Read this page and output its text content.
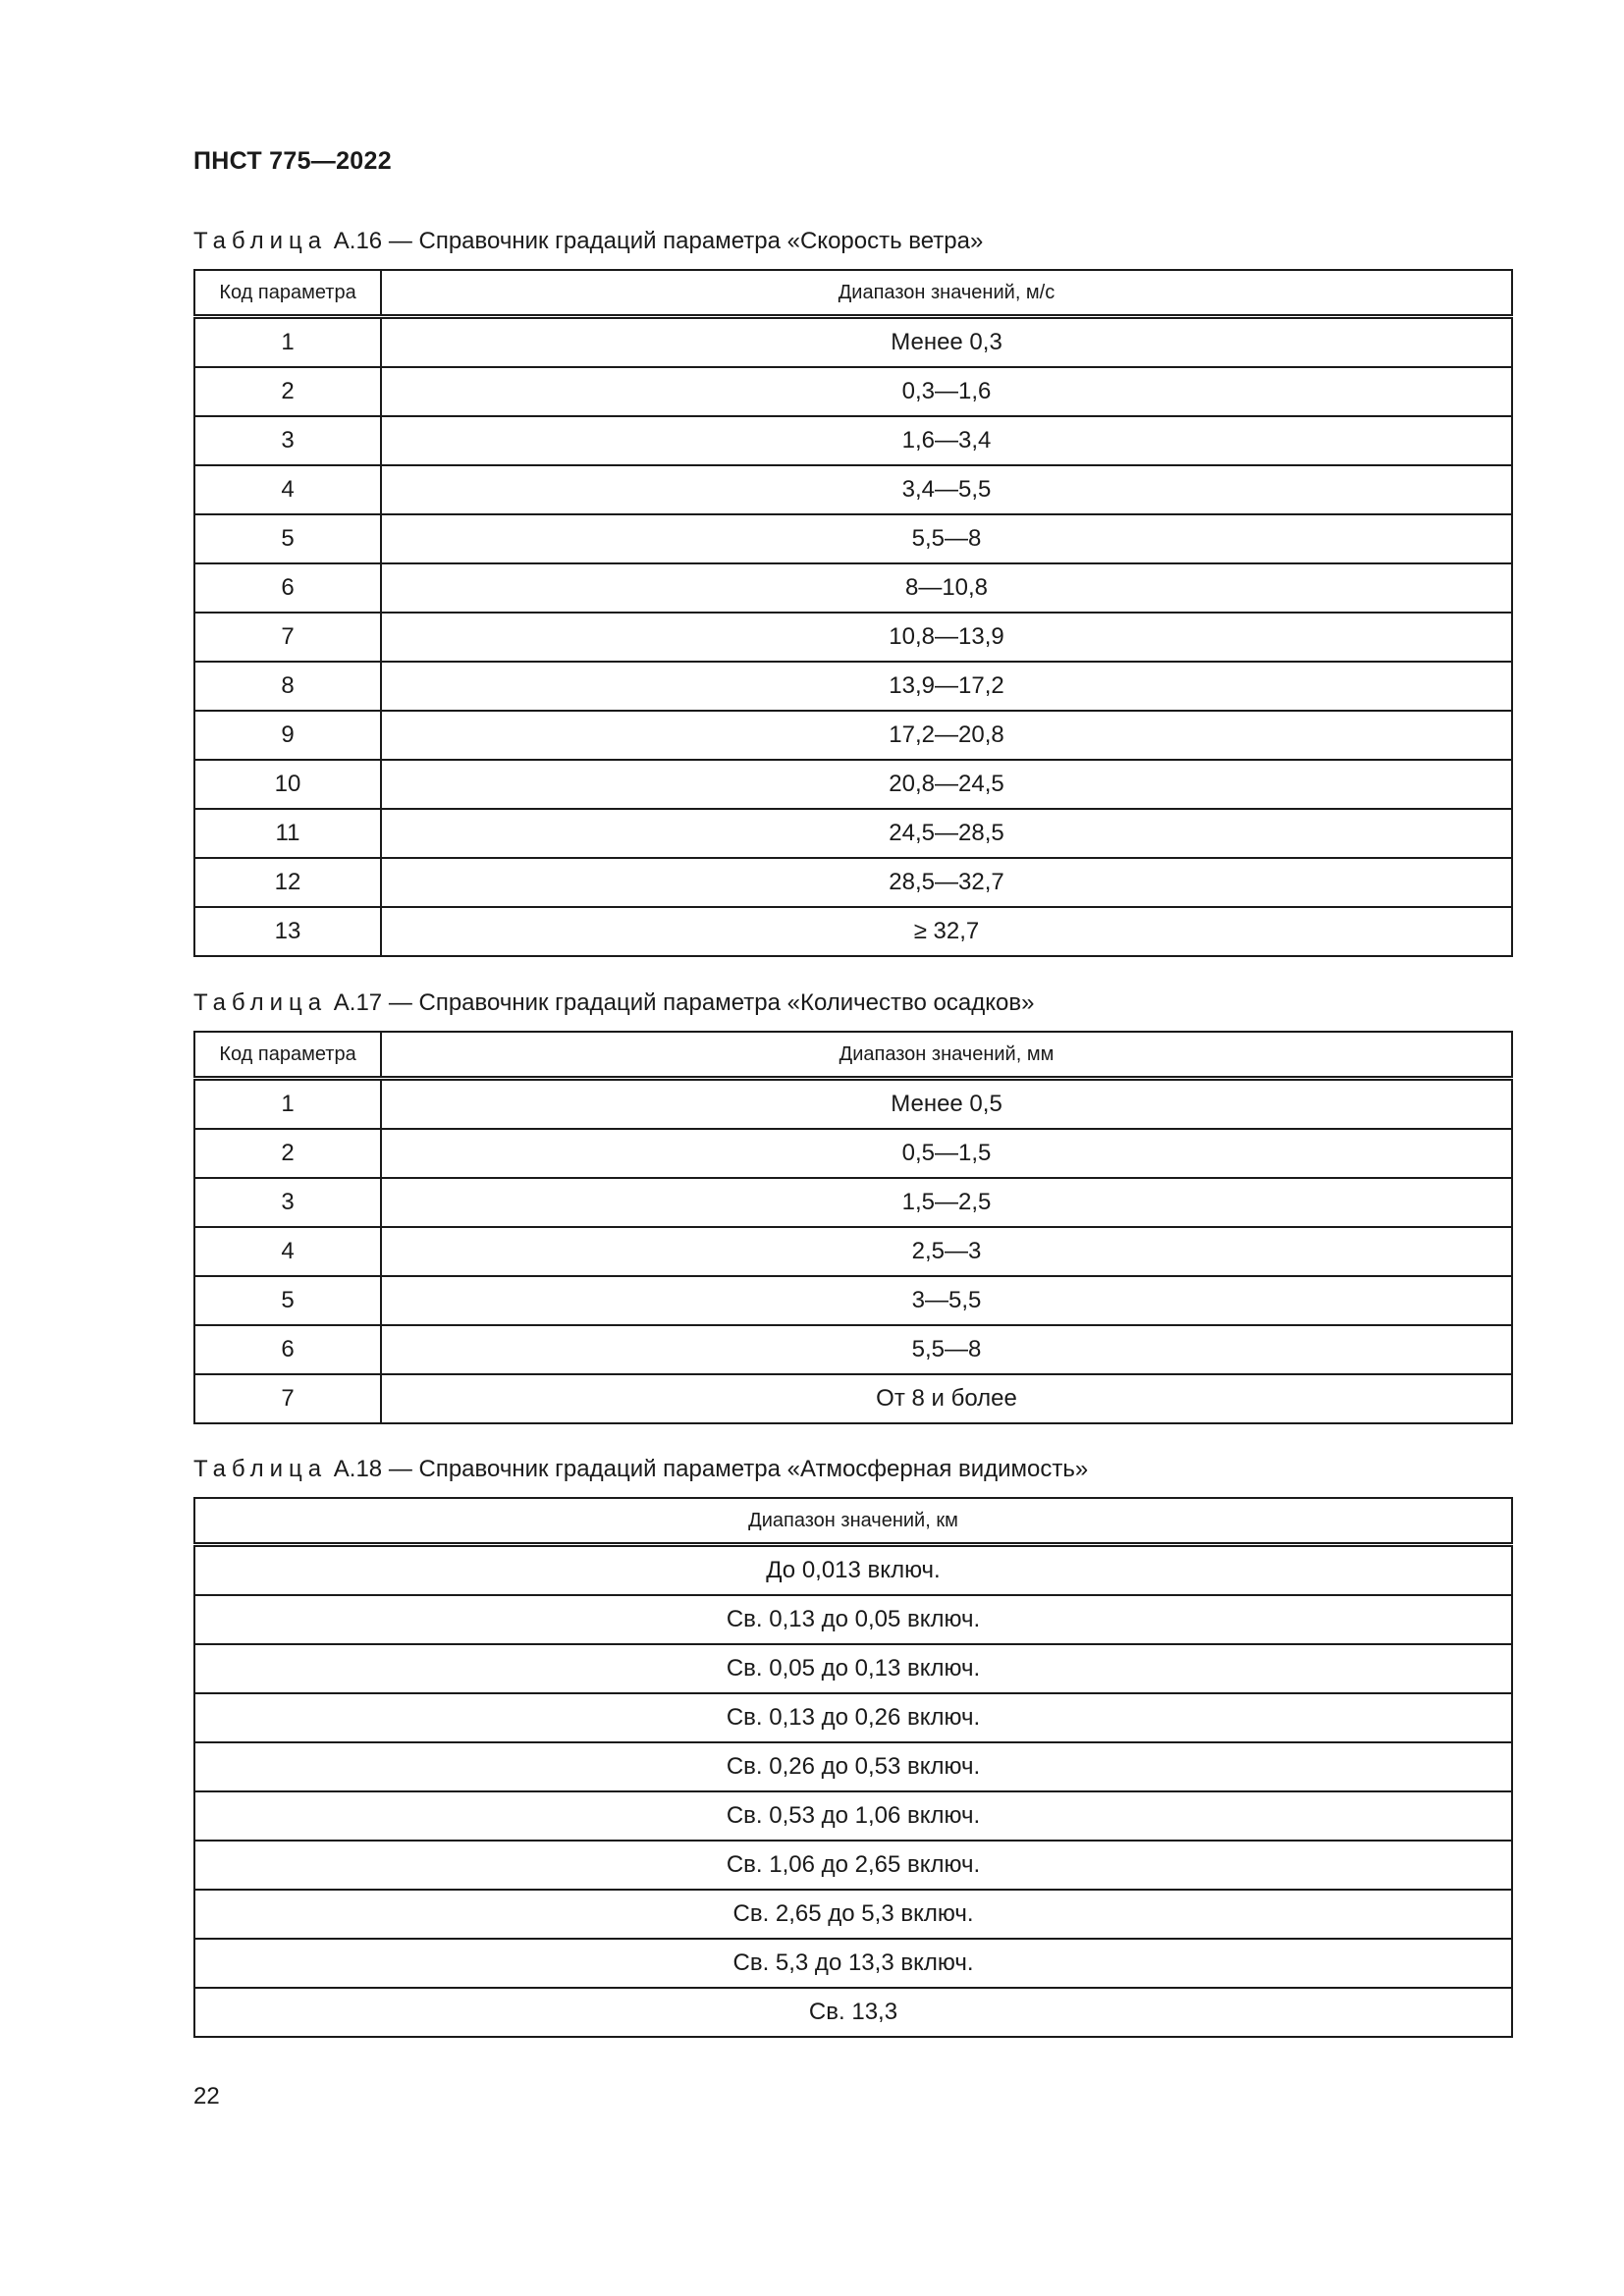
ПНСТ 775—2022
Таблица А.16 — Справочник градаций параметра «Скорость ветра»
Код параметра	Диапазон значений, м/с
1	Менее 0,3
2	0,3—1,6
3	1,6—3,4
4	3,4—5,5
5	5,5—8
6	8—10,8
7	10,8—13,9
8	13,9—17,2
9	17,2—20,8
10	20,8—24,5
11	24,5—28,5
12	28,5—32,7
13	≥ 32,7
Таблица А.17 — Справочник градаций параметра «Количество осадков»
Код параметра	Диапазон значений, мм
1	Менее 0,5
2	0,5—1,5
3	1,5—2,5
4	2,5—3
5	3—5,5
6	5,5—8
7	От 8 и более
Таблица А.18 — Справочник градаций параметра «Атмосферная видимость»
Диапазон значений, км
До 0,013 включ.
Св. 0,13 до 0,05 включ.
Св. 0,05 до 0,13 включ.
Св. 0,13 до 0,26 включ.
Св. 0,26 до 0,53 включ.
Св. 0,53 до 1,06 включ.
Св. 1,06 до 2,65 включ.
Св. 2,65 до 5,3 включ.
Св. 5,3 до 13,3 включ.
Св. 13,3
22
